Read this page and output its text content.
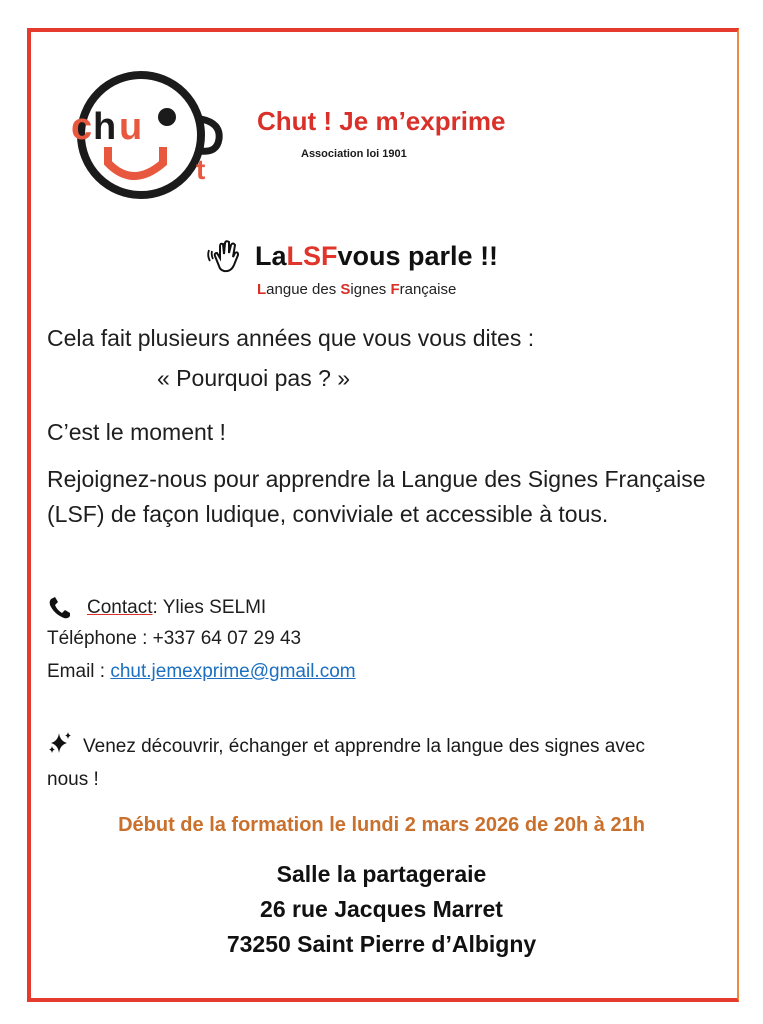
c h u
t
Chut ! Je m’exprime
Association loi 1901
La LSF vous parle !!
Langue des Signes Française
Cela fait plusieurs années que vous vous dites :
« Pourquoi pas ? »
C’est le moment !
Rejoignez-nous pour apprendre la Langue des Signes Française (LSF) de façon ludique, conviviale et accessible à tous.
Contact : Ylies SELMI
Téléphone : +337 64 07 29 43
Email : chut.jemexprime@gmail.com
Venez découvrir, échanger et apprendre la langue des signes avec nous !
Début de la formation le lundi 2 mars 2026 de 20h à 21h
Salle la partageraie
26 rue Jacques Marret
73250 Saint Pierre d’Albigny
